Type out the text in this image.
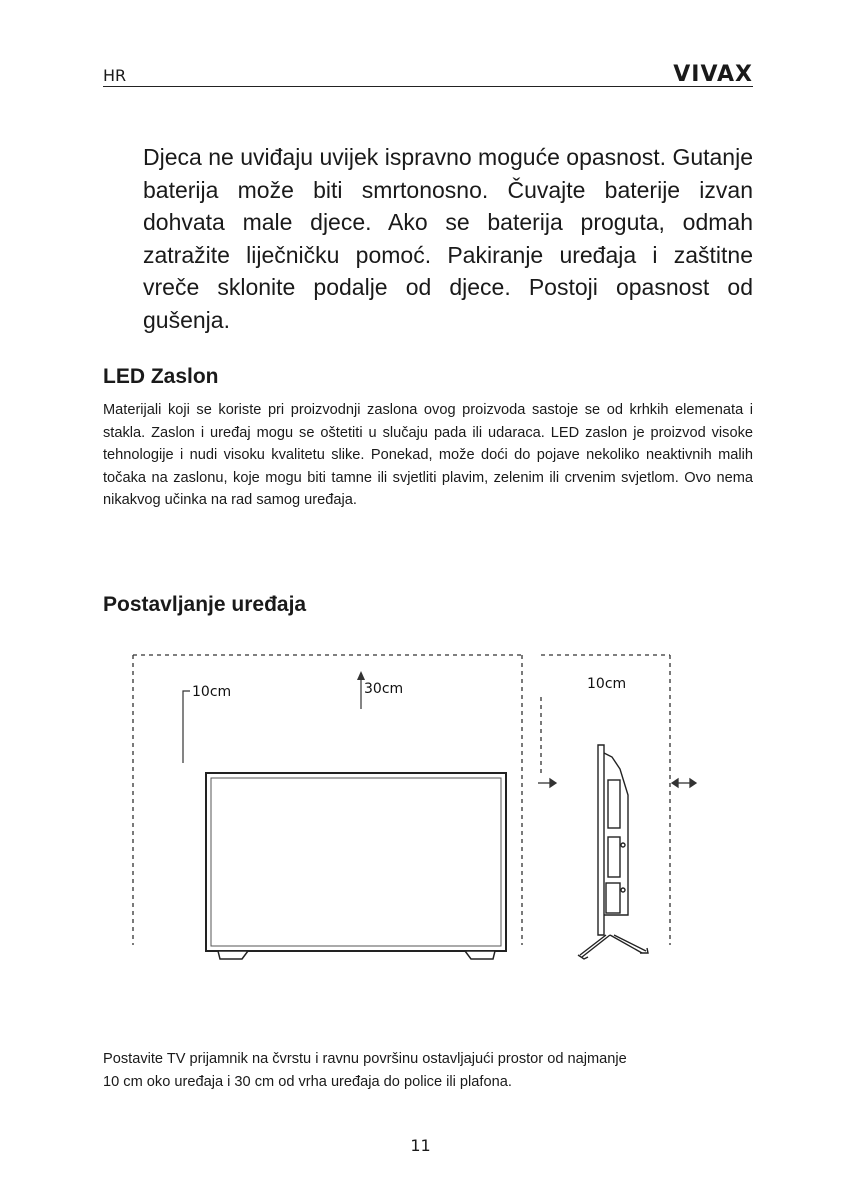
HR	VIVAX
Djeca ne uviđaju uvijek ispravno moguće opasnost. Gutanje baterija može biti smrtonosno. Čuvajte baterije izvan dohvata male djece. Ako se baterija proguta, odmah zatražite liječničku pomoć. Pakiranje uređaja i zaštitne vreče sklonite podalje od djece. Postoji opasnost od gušenja.
LED Zaslon
Materijali koji se koriste pri proizvodnji zaslona ovog proizvoda sastoje se od krhkih elemenata i stakla. Zaslon i uređaj mogu se oštetiti u slučaju pada ili udaraca. LED zaslon je proizvod visoke tehnologije i nudi visoku kvalitetu slike. Ponekad, može doći do pojave nekoliko neaktivnih malih točaka na zaslonu, koje mogu biti tamne ili svjetliti plavim, zelenim ili crvenim svjetlom. Ovo nema nikakvog učinka na rad samog uređaja.
Postavljanje uređaja
10cm	30cm	10cm
Postavite TV prijamnik na čvrstu i ravnu površinu ostavljajući prostor od najmanje
10 cm oko uređaja i 30 cm od vrha uređaja do police ili plafona.
11
